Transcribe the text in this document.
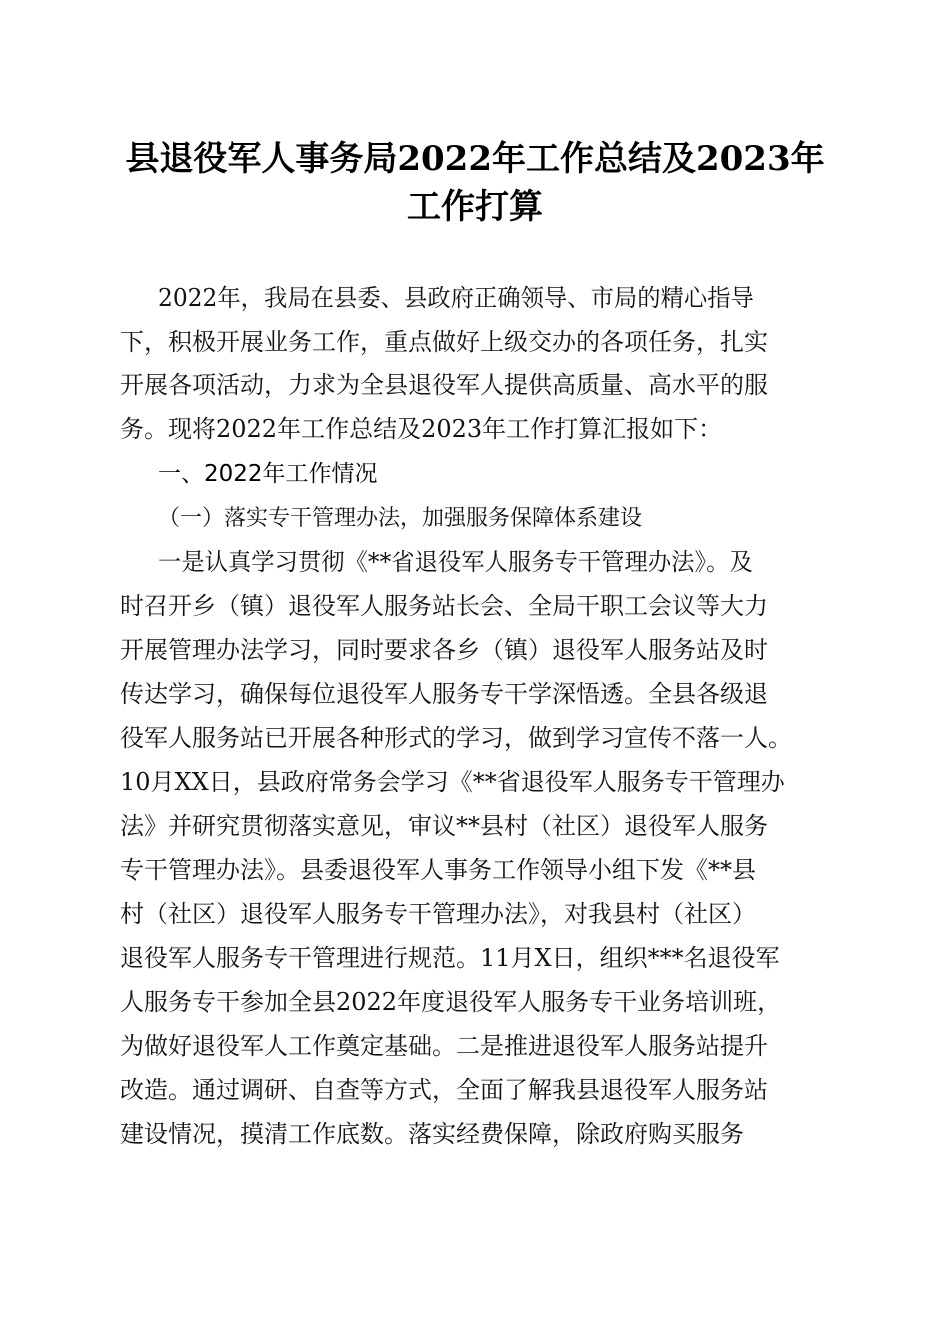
县退役军人事务局2022年工作总结及2023年
工作打算
2022年，我局在县委、县政府正确领导、市局的精心指导
下，积极开展业务工作，重点做好上级交办的各项任务，扎实
开展各项活动，力求为全县退役军人提供高质量、高水平的服
务。现将2022年工作总结及2023年工作打算汇报如下：
一、2022年工作情况
（一）落实专干管理办法，加强服务保障体系建设
一是认真学习贯彻《**省退役军人服务专干管理办法》。及
时召开乡（镇）退役军人服务站长会、全局干职工会议等大力
开展管理办法学习，同时要求各乡（镇）退役军人服务站及时
传达学习，确保每位退役军人服务专干学深悟透。全县各级退
役军人服务站已开展各种形式的学习，做到学习宣传不落一人。
10月XX日，县政府常务会学习《**省退役军人服务专干管理办
法》并研究贯彻落实意见，审议**县村（社区）退役军人服务
专干管理办法》。县委退役军人事务工作领导小组下发《**县
村（社区）退役军人服务专干管理办法》，对我县村（社区）
退役军人服务专干管理进行规范。11月X日，组织***名退役军
人服务专干参加全县2022年度退役军人服务专干业务培训班，
为做好退役军人工作奠定基础。二是推进退役军人服务站提升
改造。通过调研、自查等方式，全面了解我县退役军人服务站
建设情况，摸清工作底数。落实经费保障，除政府购买服务
